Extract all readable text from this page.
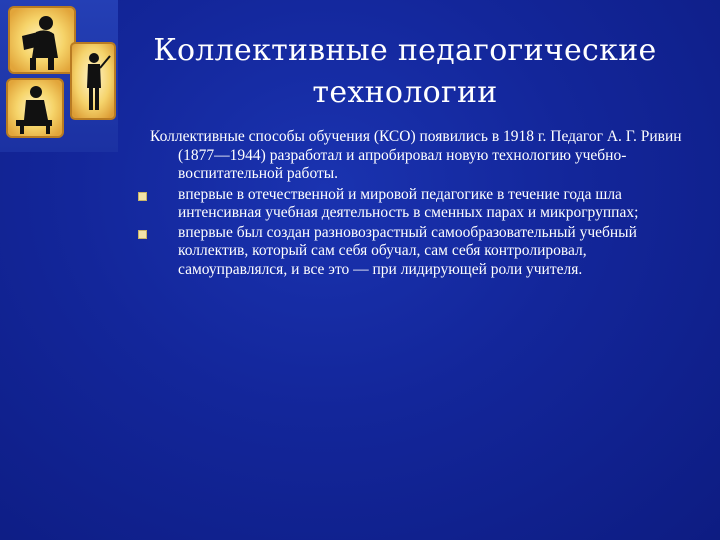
Коллективные педагогические технологии

Коллективные способы обучения (КСО) появились в 1918 г. Педагог А. Г. Ривин (1877—1944) разработал и апробировал новую технологию учебно-воспитательной работы.

впервые в отечественной и мировой педагогике в течение года шла интенсивная учебная деятельность в сменных парах и микрогруппах;
впервые был создан разновозрастный самообразовательный учебный коллектив, который сам себя обучал, сам себя контролировал, самоуправлялся, и все это — при лидирующей роли учителя.
